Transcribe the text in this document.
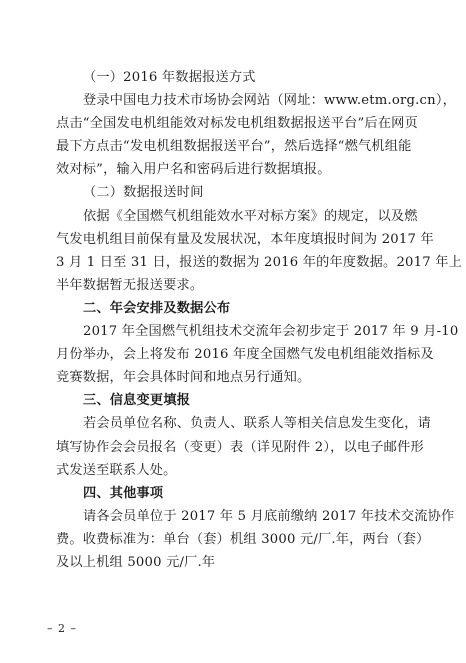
（一）2016 年数据报送方式
登录中国电力技术市场协会网站（网址：www.etm.org.cn），
点击“全国发电机组能效对标发电机组数据报送平台”后在网页
最下方点击“发电机组数据报送平台”，然后选择“燃气机组能
效对标”，输入用户名和密码后进行数据填报。
（二）数据报送时间
依据《全国燃气机组能效水平对标方案》的规定，以及燃
气发电机组目前保有量及发展状况，本年度填报时间为 2017 年
3 月 1 日至 31 日，报送的数据为 2016 年的年度数据。2017 年上
半年数据暂无报送要求。
二、年会安排及数据公布
2017 年全国燃气机组技术交流年会初步定于 2017 年 9 月-10
月份举办，会上将发布 2016 年度全国燃气发电机组能效指标及
竞赛数据，年会具体时间和地点另行通知。
三、信息变更填报
若会员单位名称、负责人、联系人等相关信息发生变化，请
填写协作会会员报名（变更）表（详见附件 2），以电子邮件形
式发送至联系人处。
四、其他事项
请各会员单位于 2017 年 5 月底前缴纳 2017 年技术交流协作
费。收费标准为：单台（套）机组 3000 元/厂.年，两台（套）
及以上机组 5000 元/厂.年
– 2 –
